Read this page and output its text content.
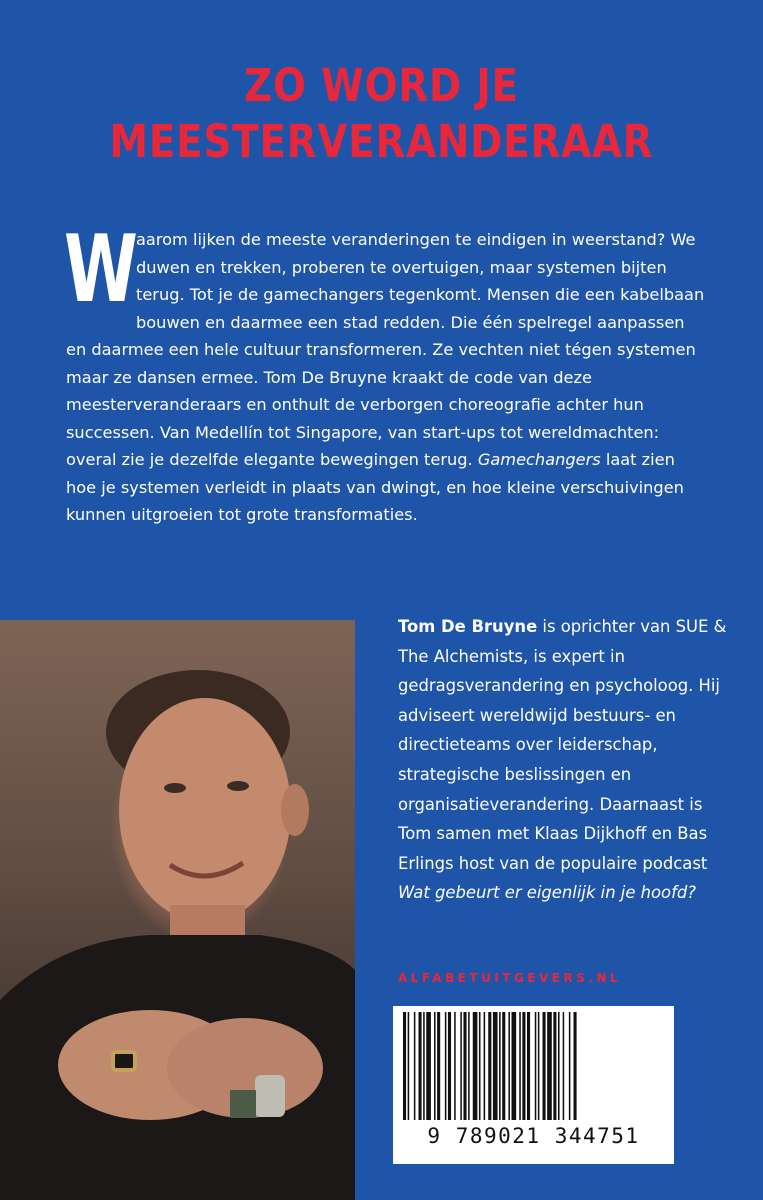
ZO WORD JE
MEESTERVERANDERAAR

W
aarom lijken de meeste veranderingen te eindigen in weerstand? We duwen en trekken, proberen te overtuigen, maar systemen bijten terug. Tot je de gamechangers tegenkomt. Mensen die een kabelbaan bouwen en daarmee een stad redden. Die één spelregel aanpassen en daarmee een hele cultuur transformeren. Ze vechten niet tégen systemen maar ze dansen ermee. Tom De Bruyne kraakt de code van deze meesterveranderaars en onthult de verborgen choreografie achter hun successen. Van Medellín tot Singapore, van start-ups tot wereldmachten: overal zie je dezelfde elegante bewegingen terug. Gamechangers laat zien hoe je systemen verleidt in plaats van dwingt, en hoe kleine verschuivingen kunnen uitgroeien tot grote transformaties.

Tom De Bruyne is oprichter van SUE & The Alchemists, is expert in gedragsverandering en psycholoog. Hij adviseert wereldwijd bestuurs- en directieteams over leiderschap, strategische beslissingen en organisatieverandering. Daarnaast is Tom samen met Klaas Dijkhoff en Bas Erlings host van de populaire podcast Wat gebeurt er eigenlijk in je hoofd?

ALFABETUITGEVERS.NL
9 789021 344751
